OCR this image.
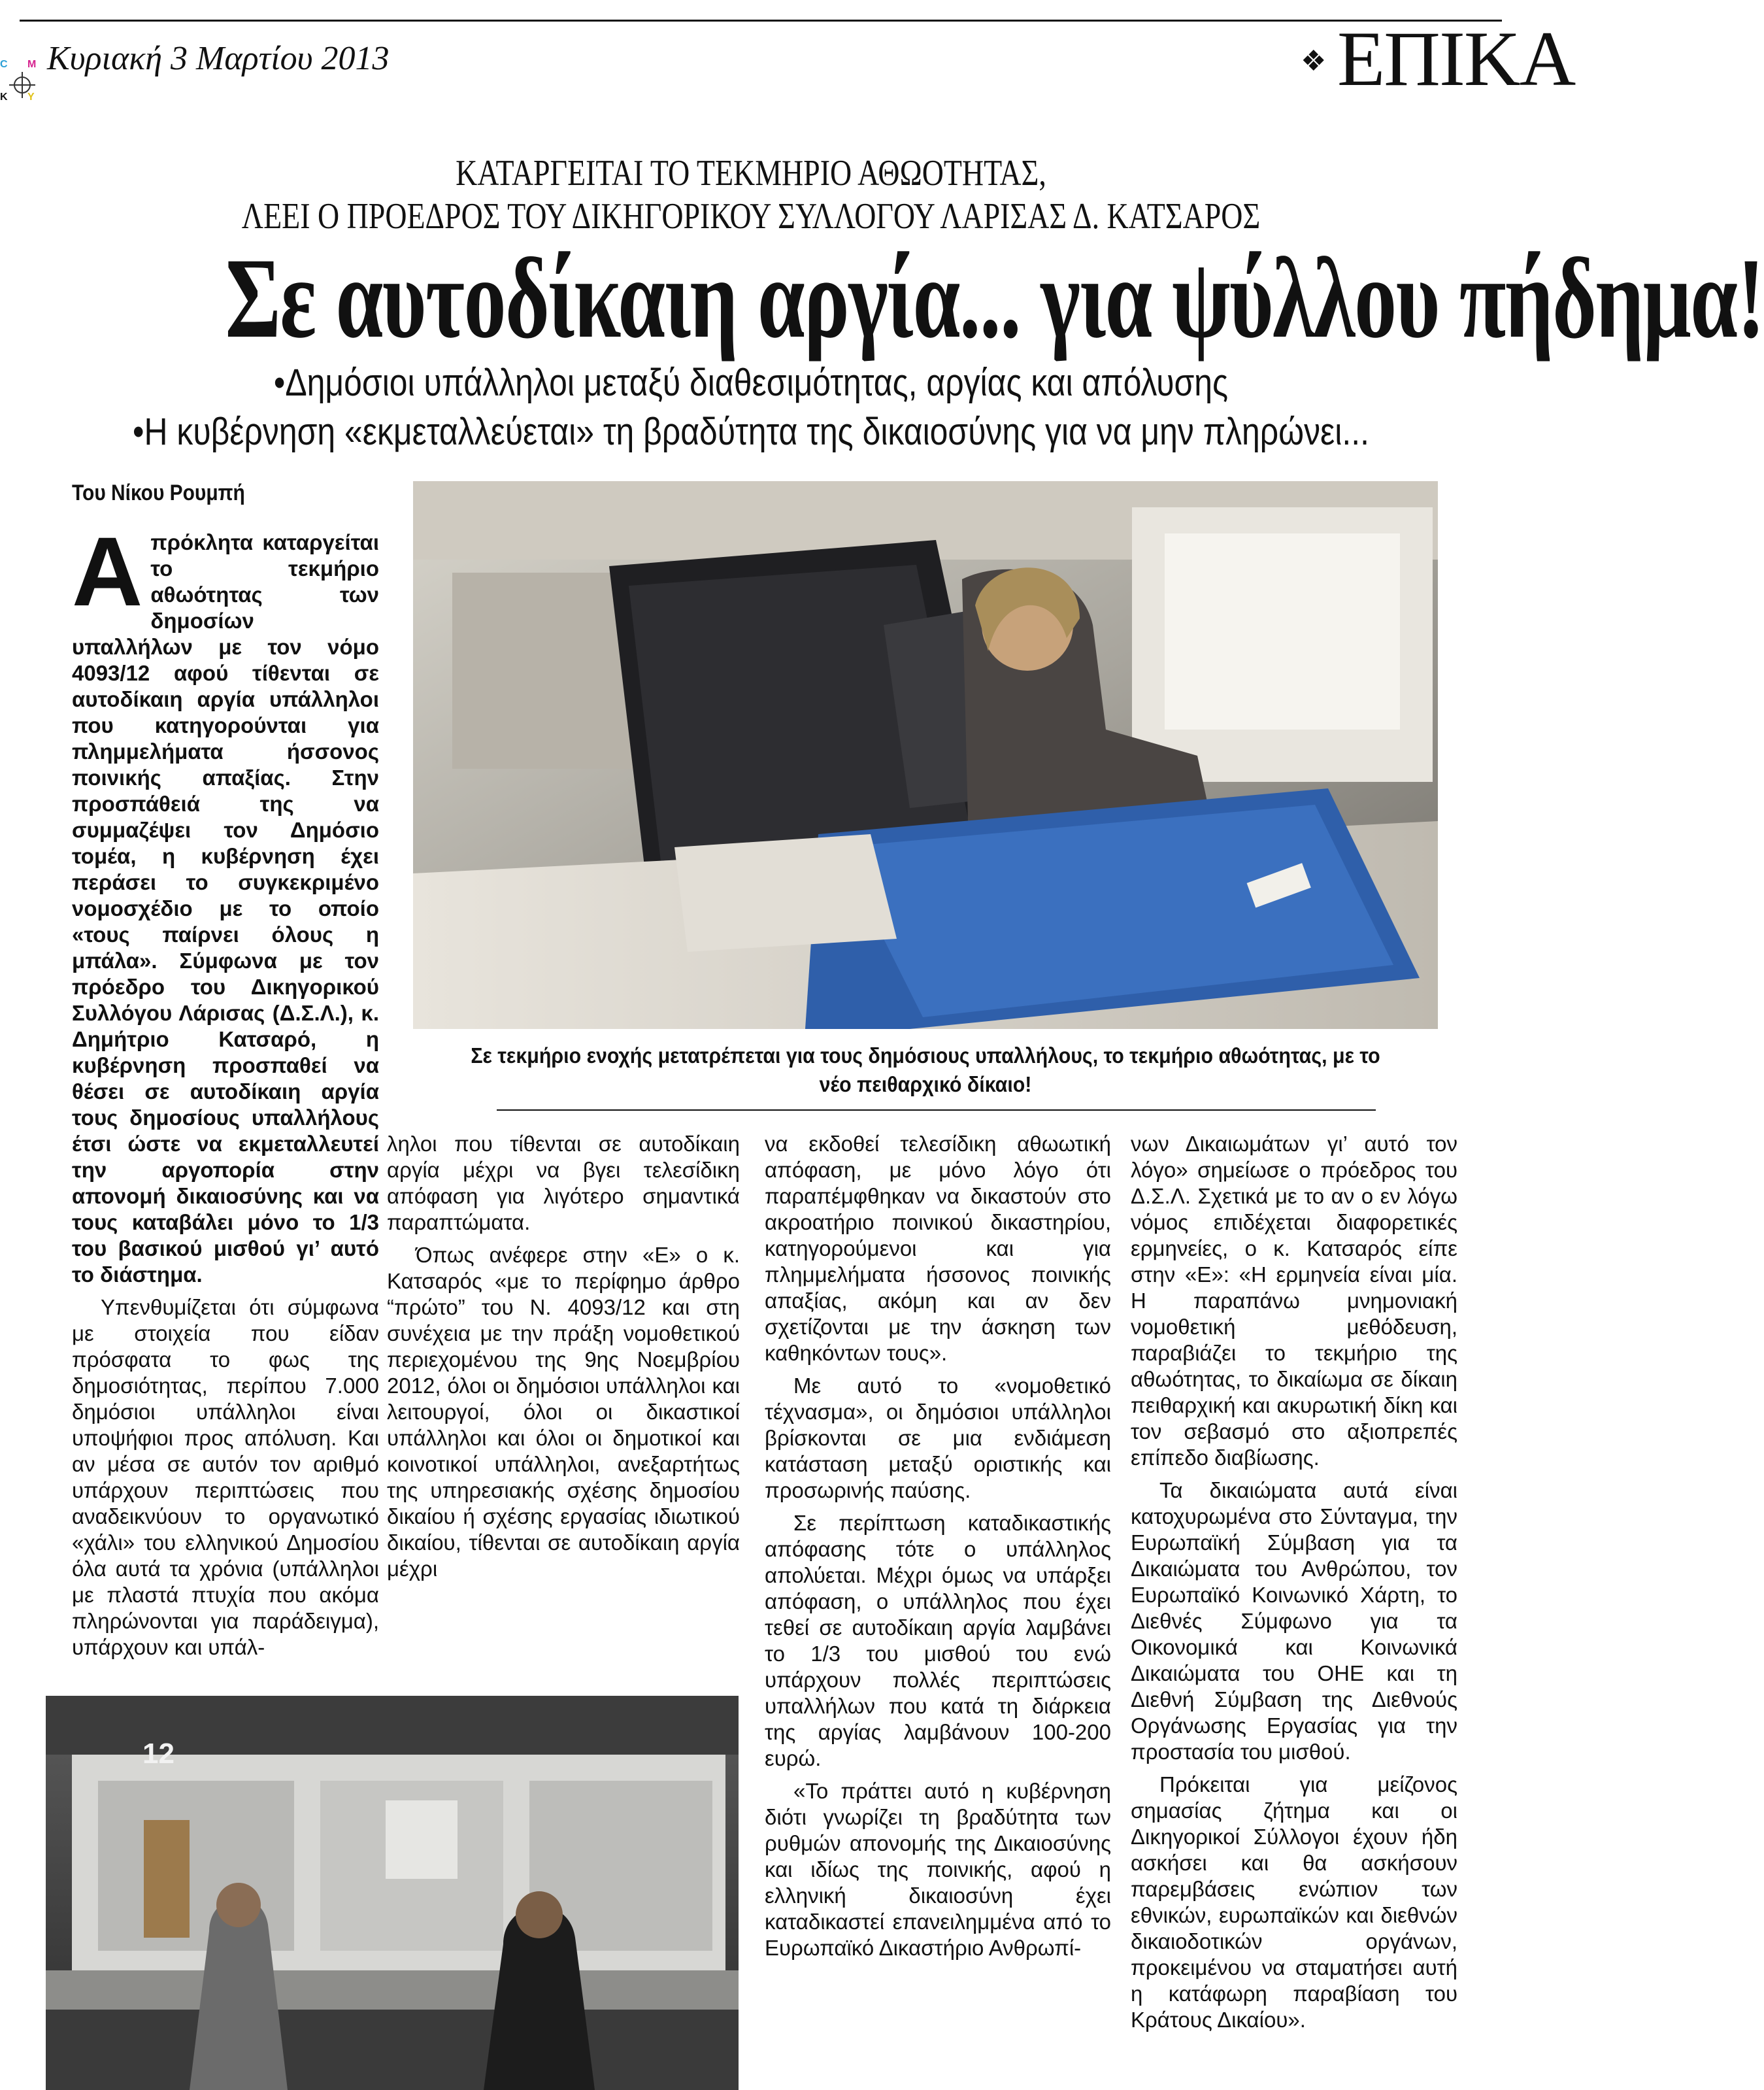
C M
K Y
Κυριακή 3 Μαρτίου 2013	❖ ΕΠΙΚΑ
ΚΑΤΑΡΓΕΙΤΑΙ ΤΟ ΤΕΚΜΗΡΙΟ ΑΘΩΟΤΗΤΑΣ,
ΛΕΕΙ Ο ΠΡΟΕΔΡΟΣ ΤΟΥ ΔΙΚΗΓΟΡΙΚΟΥ ΣΥΛΛΟΓΟΥ ΛΑΡΙΣΑΣ Δ. ΚΑΤΣΑΡΟΣ
Σε αυτοδίκαιη αργία... για ψύλλου πήδημα!
•Δημόσιοι υπάλληλοι μεταξύ διαθεσιμότητας, αργίας και απόλυσης
•Η κυβέρνηση «εκμεταλλεύεται» τη βραδύτητα της δικαιοσύνης για να μην πληρώνει...
Του Νίκου Ρουμπή

Απρόκλητα καταργείται το τεκμήριο αθωότητας των δημοσίων υπαλλήλων με τον νόμο 4093/12 αφού τίθενται σε αυτοδίκαιη αργία υπάλληλοι που κατηγορούνται για πλημμελήματα ήσσονος ποινικής απαξίας. Στην προσπάθειά της να συμμαζέψει τον Δημόσιο τομέα, η κυβέρνηση έχει περάσει το συγκεκριμένο νομοσχέδιο με το οποίο «τους παίρνει όλους η μπάλα». Σύμφωνα με τον πρόεδρο του Δικηγορικού Συλλόγου Λάρισας (Δ.Σ.Λ.), κ. Δημήτριο Κατσαρό, η κυβέρνηση προσπαθεί να θέσει σε αυτοδίκαιη αργία τους δημοσίους υπαλλήλους έτσι ώστε να εκμεταλλευτεί την αργοπορία στην απονομή δικαιοσύνης και να τους καταβάλει μόνο το 1/3 του βασικού μισθού γι’ αυτό το διάστημα.

Υπενθυμίζεται ότι σύμφωνα με στοιχεία που είδαν πρόσφατα το φως της δημοσιότητας, περίπου 7.000 δημόσιοι υπάλληλοι είναι υποψήφιοι προς απόλυση. Και αν μέσα σε αυτόν τον αριθμό υπάρχουν περιπτώσεις που αναδεικνύουν το οργανωτικό «χάλι» του ελληνικού Δημοσίου όλα αυτά τα χρόνια (υπάλληλοι με πλαστά πτυχία που ακόμα πληρώνονται για παράδειγμα), υπάρχουν και υπάλ-

Σε τεκμήριο ενοχής μετατρέπεται για τους δημόσιους υπαλλήλους, το τεκμήριο αθωότητας, με το νέο πειθαρχικό δίκαιο!

ληλοι που τίθενται σε αυτοδίκαιη αργία μέχρι να βγει τελεσίδικη απόφαση για λιγότερο σημαντικά παραπτώματα.

Όπως ανέφερε στην «Ε» ο κ. Κατσαρός «με το περίφημο άρθρο “πρώτο” του Ν. 4093/12 και στη συνέχεια με την πράξη νομοθετικού περιεχομένου της 9ης Νοεμβρίου 2012, όλοι οι δημόσιοι υπάλληλοι και λειτουργοί, όλοι οι δικαστικοί υπάλληλοι και όλοι οι δημοτικοί και κοινοτικοί υπάλληλοι, ανεξαρτήτως της υπηρεσιακής σχέσης δημοσίου δικαίου ή σχέσης εργασίας ιδιωτικού δικαίου, τίθενται σε αυτοδίκαιη αργία μέχρι

να εκδοθεί τελεσίδικη αθωωτική απόφαση, με μόνο λόγο ότι παραπέμφθηκαν να δικαστούν στο ακροατήριο ποινικού δικαστηρίου, κατηγορούμενοι και για πλημμελήματα ήσσονος ποινικής απαξίας, ακόμη και αν δεν σχετίζονται με την άσκηση των καθηκόντων τους».

Με αυτό το «νομοθετικό τέχνασμα», οι δημόσιοι υπάλληλοι βρίσκονται σε μια ενδιάμεση κατάσταση μεταξύ οριστικής και προσωρινής παύσης.

Σε περίπτωση καταδικαστικής απόφασης τότε ο υπάλληλος απολύεται. Μέχρι όμως να υπάρξει απόφαση, ο υπάλληλος που έχει τεθεί σε αυτοδίκαιη αργία λαμβάνει το 1/3 του μισθού του ενώ υπάρχουν πολλές περιπτώσεις υπαλλήλων που κατά τη διάρκεια της αργίας λαμβάνουν 100-200 ευρώ.

«Το πράττει αυτό η κυβέρνηση διότι γνωρίζει τη βραδύτητα των ρυθμών απονομής της Δικαιοσύνης και ιδίως της ποινικής, αφού η ελληνική δικαιοσύνη έχει καταδικαστεί επανειλημμένα από το Ευρωπαϊκό Δικαστήριο Ανθρωπί-

νων Δικαιωμάτων γι’ αυτό τον λόγο» σημείωσε ο πρόεδρος του Δ.Σ.Λ. Σχετικά με το αν ο εν λόγω νόμος επιδέχεται διαφορετικές ερμηνείες, ο κ. Κατσαρός είπε στην «Ε»: «Η ερμηνεία είναι μία. Η παραπάνω μνημονιακή νομοθετική μεθόδευση, παραβιάζει το τεκμήριο της αθωότητας, το δικαίωμα σε δίκαιη πειθαρχική και ακυρωτική δίκη και τον σεβασμό στο αξιοπρεπές επίπεδο διαβίωσης.

Τα δικαιώματα αυτά είναι κατοχυρωμένα στο Σύνταγμα, την Ευρωπαϊκή Σύμβαση για τα Δικαιώματα του Ανθρώπου, τον Ευρωπαϊκό Κοινωνικό Χάρτη, το Διεθνές Σύμφωνο για τα Οικονομικά και Κοινωνικά Δικαιώματα του ΟΗΕ και τη Διεθνή Σύμβαση της Διεθνούς Οργάνωσης Εργασίας για την προστασία του μισθού.

Πρόκειται για μείζονος σημασίας ζήτημα και οι Δικηγορικοί Σύλλογοι έχουν ήδη ασκήσει και θα ασκήσουν παρεμβάσεις ενώπιον των εθνικών, ευρωπαϊκών και διεθνών δικαιοδοτικών οργάνων, προκειμένου να σταματήσει αυτή η κατάφωρη παραβίαση του Κράτους Δικαίου».

12
